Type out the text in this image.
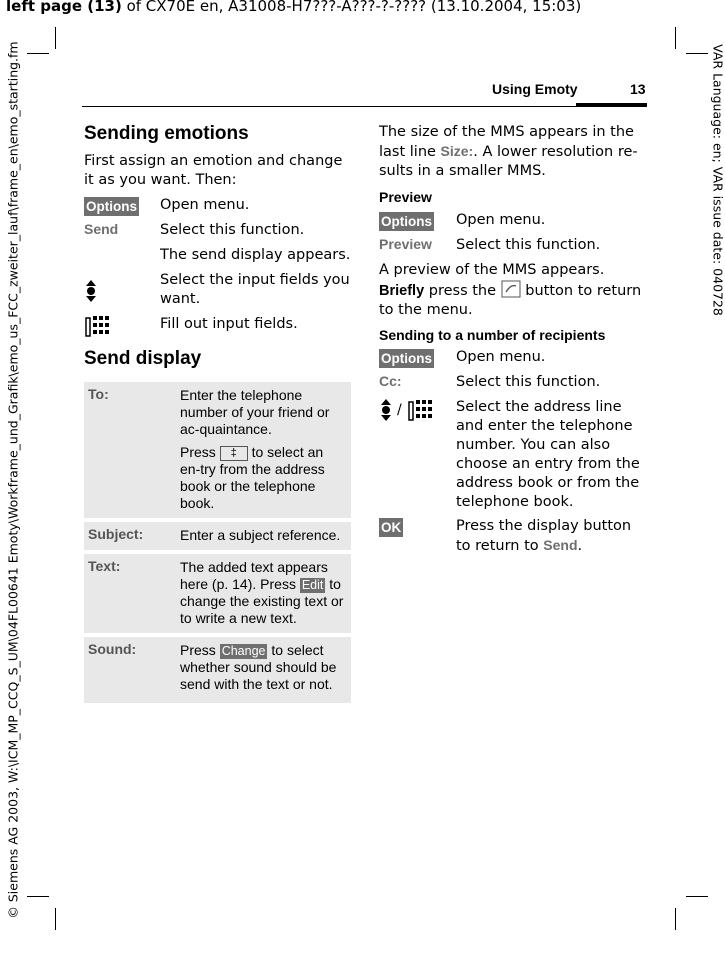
left page (13) of CX70E en, A31008-H7???-A???-?-???? (13.10.2004, 15:03)
© Siemens AG 2003, W:\ICM_MP_CCQ_S_UM\04FL00641 Emoty\Workframe_und_Grafik\emo_us_FCC_zweiter_lauf\frame_en\emo_starting.fm	VAR Language: en; VAR issue date: 040728
Using Emoty	13
Sending emotions
First assign an emotion and change it as you want. Then:
Options Open menu.
Send	Select this function.
The send display appears.
Select the input fields you want.
Fill out input fields.
Send display
To:	Enter the telephone number of your friend or ac-quaintance.

Press ‡ to select an en-try from the address book or the telephone book.

Subject:	Enter a subject reference.
Text:	The added text appears here (p. 14). Press Edit to change the existing text or to write a new text.
Sound:	Press Change to select whether sound should be send with the text or not.
The size of the MMS appears in the last line Size:. A lower resolution re-sults in a smaller MMS.
Preview
Options Open menu.
Preview Select this function.
A preview of the MMS appears. Briefly press the
button to return to the menu.
Sending to a number of recipients
Options Open menu.
Cc:	Select this function.
/	Select the address line and enter the telephone number. You can also choose an entry from the address book or from the telephone book.
OK	Press the display button to return to Send.
